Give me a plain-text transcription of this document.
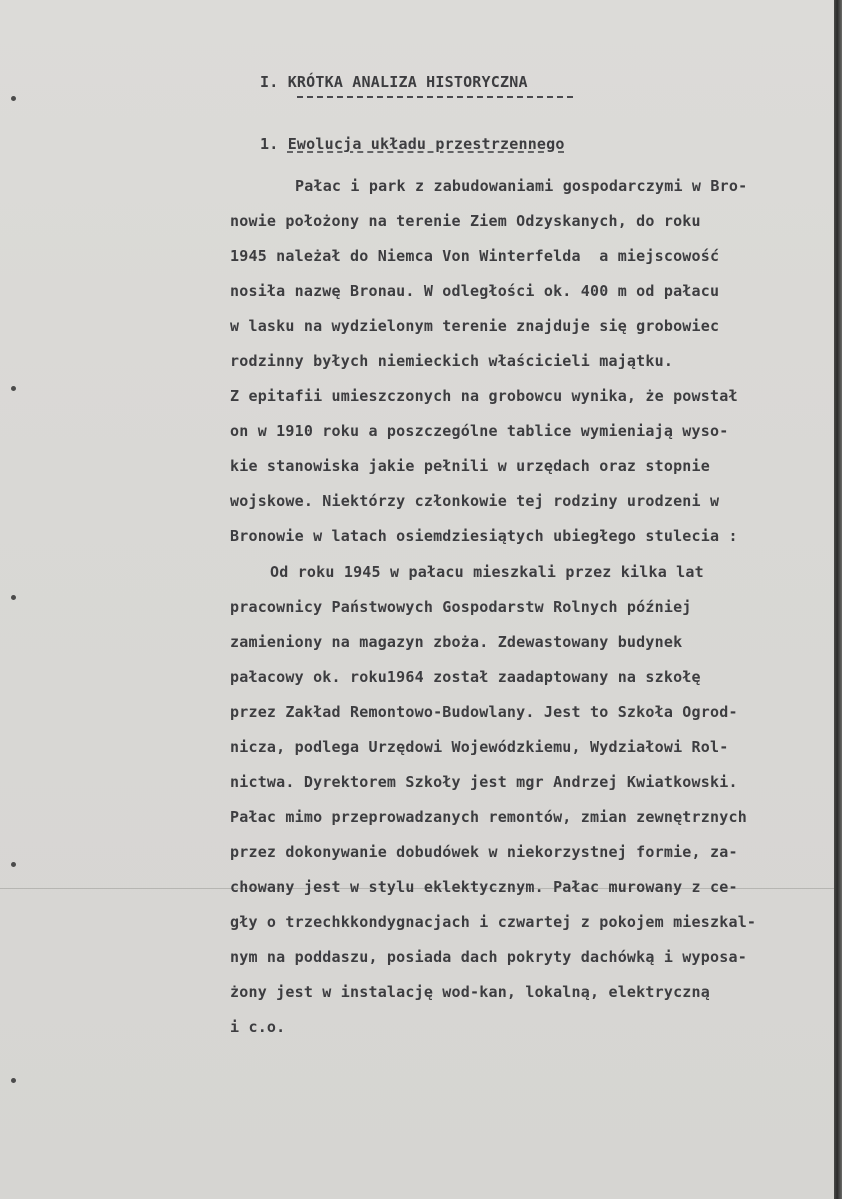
I. KRÓTKA ANALIZA HISTORYCZNA
1. Ewolucja układu przestrzennego
Pałac i park z zabudowaniami gospodarczymi w Bro-
nowie położony na terenie Ziem Odzyskanych, do roku
1945 należał do Niemca Von Winterfelda  a miejscowość
nosiła nazwę Bronau. W odległości ok. 400 m od pałacu
w lasku na wydzielonym terenie znajduje się grobowiec
rodzinny byłych niemieckich właścicieli majątku.
Z epitafii umieszczonych na grobowcu wynika, że powstał
on w 1910 roku a poszczególne tablice wymieniają wyso-
kie stanowiska jakie pełnili w urzędach oraz stopnie
wojskowe. Niektórzy członkowie tej rodziny urodzeni w
Bronowie w latach osiemdziesiątych ubiegłego stulecia :
Od roku 1945 w pałacu mieszkali przez kilka lat
pracownicy Państwowych Gospodarstw Rolnych później
zamieniony na magazyn zboża. Zdewastowany budynek
pałacowy ok. roku1964 został zaadaptowany na szkołę
przez Zakład Remontowo-Budowlany. Jest to Szkoła Ogrod-
nicza, podlega Urzędowi Wojewódzkiemu, Wydziałowi Rol-
nictwa. Dyrektorem Szkoły jest mgr Andrzej Kwiatkowski.
Pałac mimo przeprowadzanych remontów, zmian zewnętrznych
przez dokonywanie dobudówek w niekorzystnej formie, za-
chowany jest w stylu eklektycznym. Pałac murowany z ce-
gły o trzechkkondygnacjach i czwartej z pokojem mieszkal-
nym na poddaszu, posiada dach pokryty dachówką i wyposa-
żony jest w instalację wod-kan, lokalną, elektryczną
i c.o.
